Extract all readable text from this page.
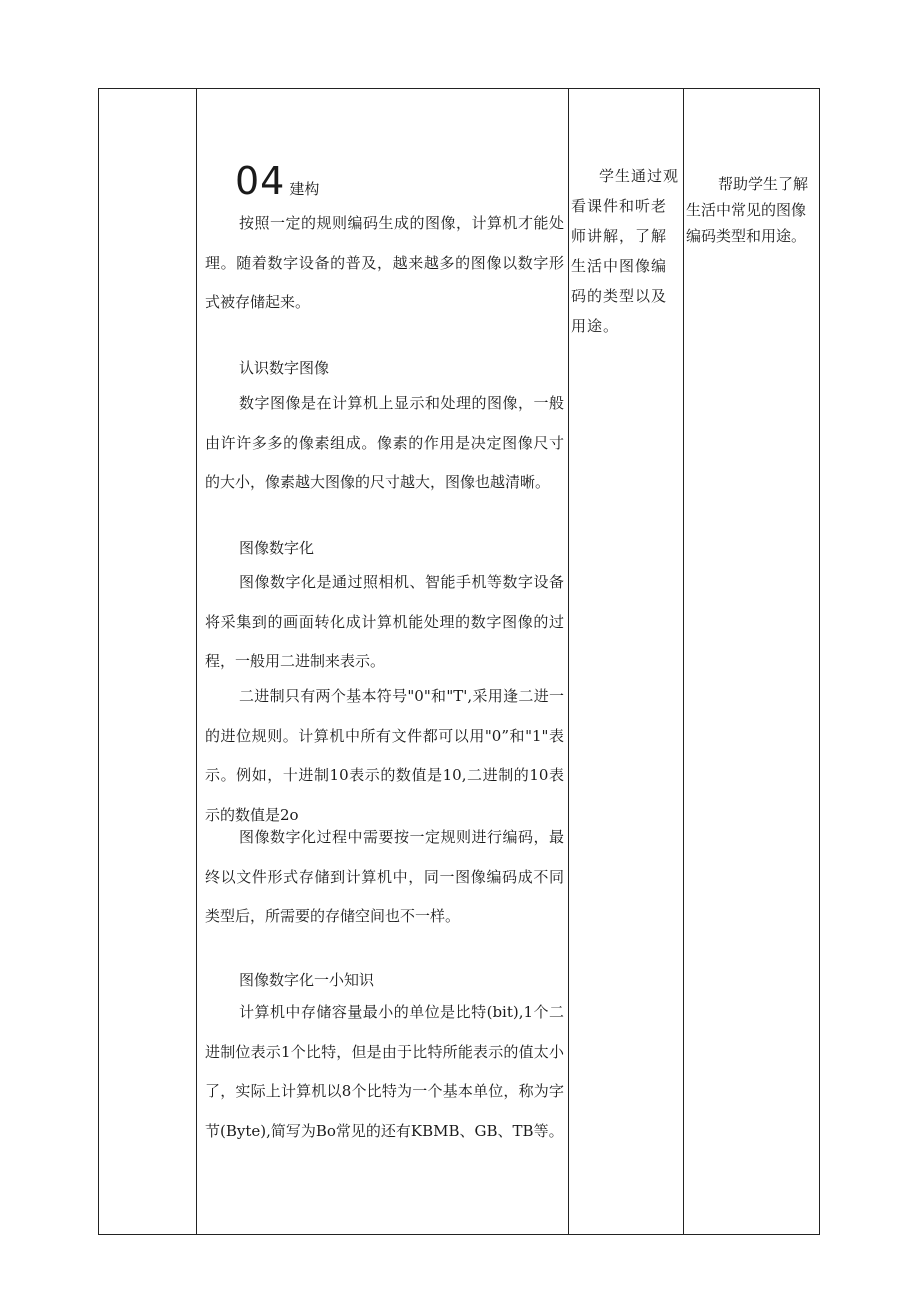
04 建构
按照一定的规则编码生成的图像，计算机才能处理。随着数字设备的普及，越来越多的图像以数字形式被存储起来。
认识数字图像
数字图像是在计算机上显示和处理的图像，一般由许许多多的像素组成。像素的作用是决定图像尺寸的大小，像素越大图像的尺寸越大，图像也越清晰。
图像数字化
图像数字化是通过照相机、智能手机等数字设备将采集到的画面转化成计算机能处理的数字图像的过程，一般用二进制来表示。
二进制只有两个基本符号"0"和"T',采用逢二进一的进位规则。计算机中所有文件都可以用"0”和"1"表示。例如，十进制10表示的数值是10,二进制的10表示的数值是2o
图像数字化过程中需要按一定规则进行编码，最终以文件形式存储到计算机中，同一图像编码成不同类型后，所需要的存储空间也不一样。
图像数字化一小知识
计算机中存储容量最小的单位是比特(bit),1个二进制位表示1个比特，但是由于比特所能表示的值太小了，实际上计算机以8个比特为一个基本单位，称为字节(Byte),简写为Bo常见的还有KBMB、GB、TB等。
学生通过观看课件和听老师讲解，了解生活中图像编码的类型以及用途。
帮助学生了解生活中常见的图像编码类型和用途。
